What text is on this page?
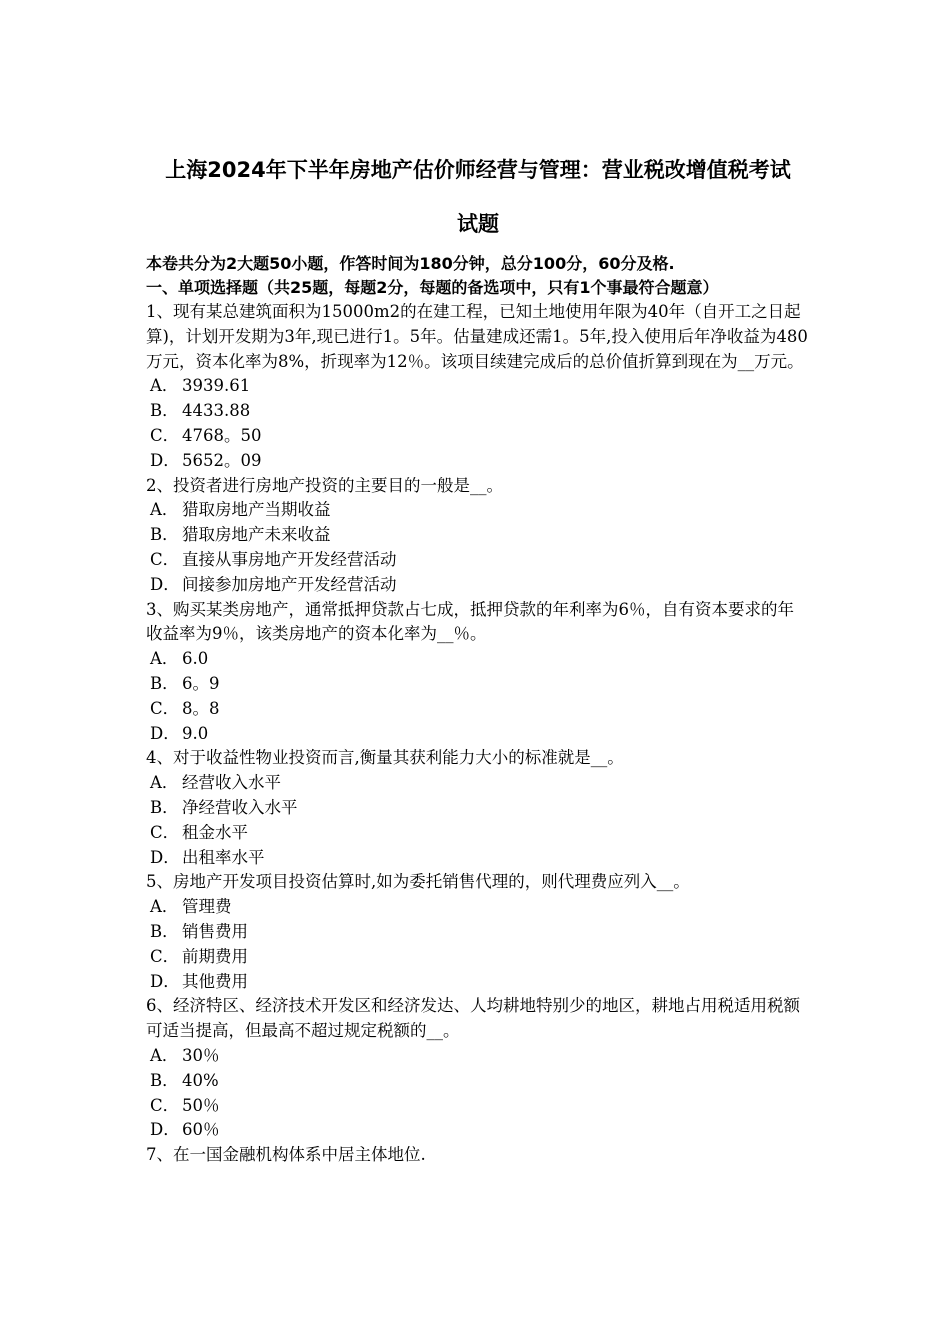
上海2024年下半年房地产估价师经营与管理：营业税改增值税考试
试题
本卷共分为2大题50小题，作答时间为180分钟，总分100分，60分及格.
一、单项选择题（共25题，每题2分，每题的备选项中，只有1个事最符合题意）
1、现有某总建筑面积为15000m2的在建工程，已知土地使用年限为40年（自开工之日起算)，计划开发期为3年,现已进行1。5年。估量建成还需1。5年,投入使用后年净收益为480万元，资本化率为8%，折现率为12％。该项目续建完成后的总价值折算到现在为__万元。
A． 3939.61
B． 4433.88
C． 4768。50
D． 5652。09
2、投资者进行房地产投资的主要目的一般是__。
A． 猎取房地产当期收益
B． 猎取房地产未来收益
C． 直接从事房地产开发经营活动
D． 间接参加房地产开发经营活动
3、购买某类房地产，通常抵押贷款占七成，抵押贷款的年利率为6％，自有资本要求的年收益率为9％，该类房地产的资本化率为__％。
A． 6.0
B． 6。9
C． 8。8
D． 9.0
4、对于收益性物业投资而言,衡量其获利能力大小的标准就是__。
A． 经营收入水平
B． 净经营收入水平
C． 租金水平
D． 出租率水平
5、房地产开发项目投资估算时,如为委托销售代理的，则代理费应列入__。
A． 管理费
B． 销售费用
C． 前期费用
D． 其他费用
6、经济特区、经济技术开发区和经济发达、人均耕地特别少的地区，耕地占用税适用税额可适当提高，但最高不超过规定税额的__。
A． 30％
B． 40%
C． 50％
D． 60％
7、在一国金融机构体系中居主体地位.
